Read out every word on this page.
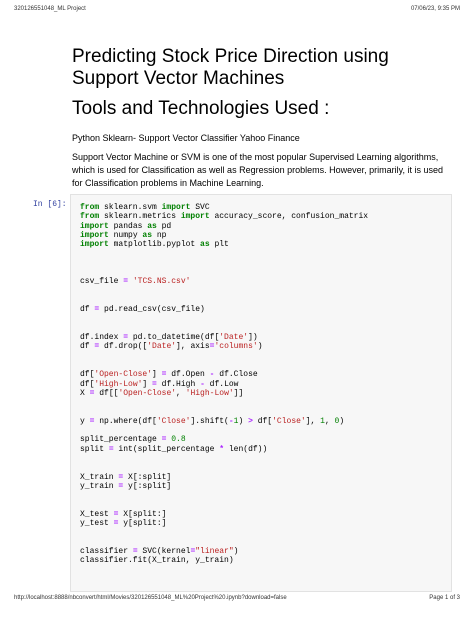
320126551048_ML Project	07/06/23, 9:35 PM
Predicting Stock Price Direction using Support Vector Machines
Tools and Technologies Used :

Python Sklearn- Support Vector Classifier Yahoo Finance

Support Vector Machine or SVM is one of the most popular Supervised Learning algorithms, which is used for Classification as well as Regression problems. However, primarily, it is used for Classification problems in Machine Learning.

In [6]:	from sklearn.svm import SVC
from sklearn.metrics import accuracy_score, confusion_matrix
import pandas as pd
import numpy as np
import matplotlib.pyplot as plt

csv_file = 'TCS.NS.csv'

df = pd.read_csv(csv_file)

df.index = pd.to_datetime(df['Date'])
df = df.drop(['Date'], axis='columns')

df['Open-Close'] = df.Open - df.Close
df['High-Low'] = df.High - df.Low
X = df[['Open-Close', 'High-Low']]

y = np.where(df['Close'].shift(-1) > df['Close'], 1, 0)

split_percentage = 0.8
split = int(split_percentage * len(df))

X_train = X[:split]
y_train = y[:split]

X_test = X[split:]
y_test = y[split:]

classifier = SVC(kernel="linear")
classifier.fit(X_train, y_train)

http://localhost:8888/nbconvert/html/Movies/320126551048_ML%20Project%20.ipynb?download=false	Page 1 of 3
